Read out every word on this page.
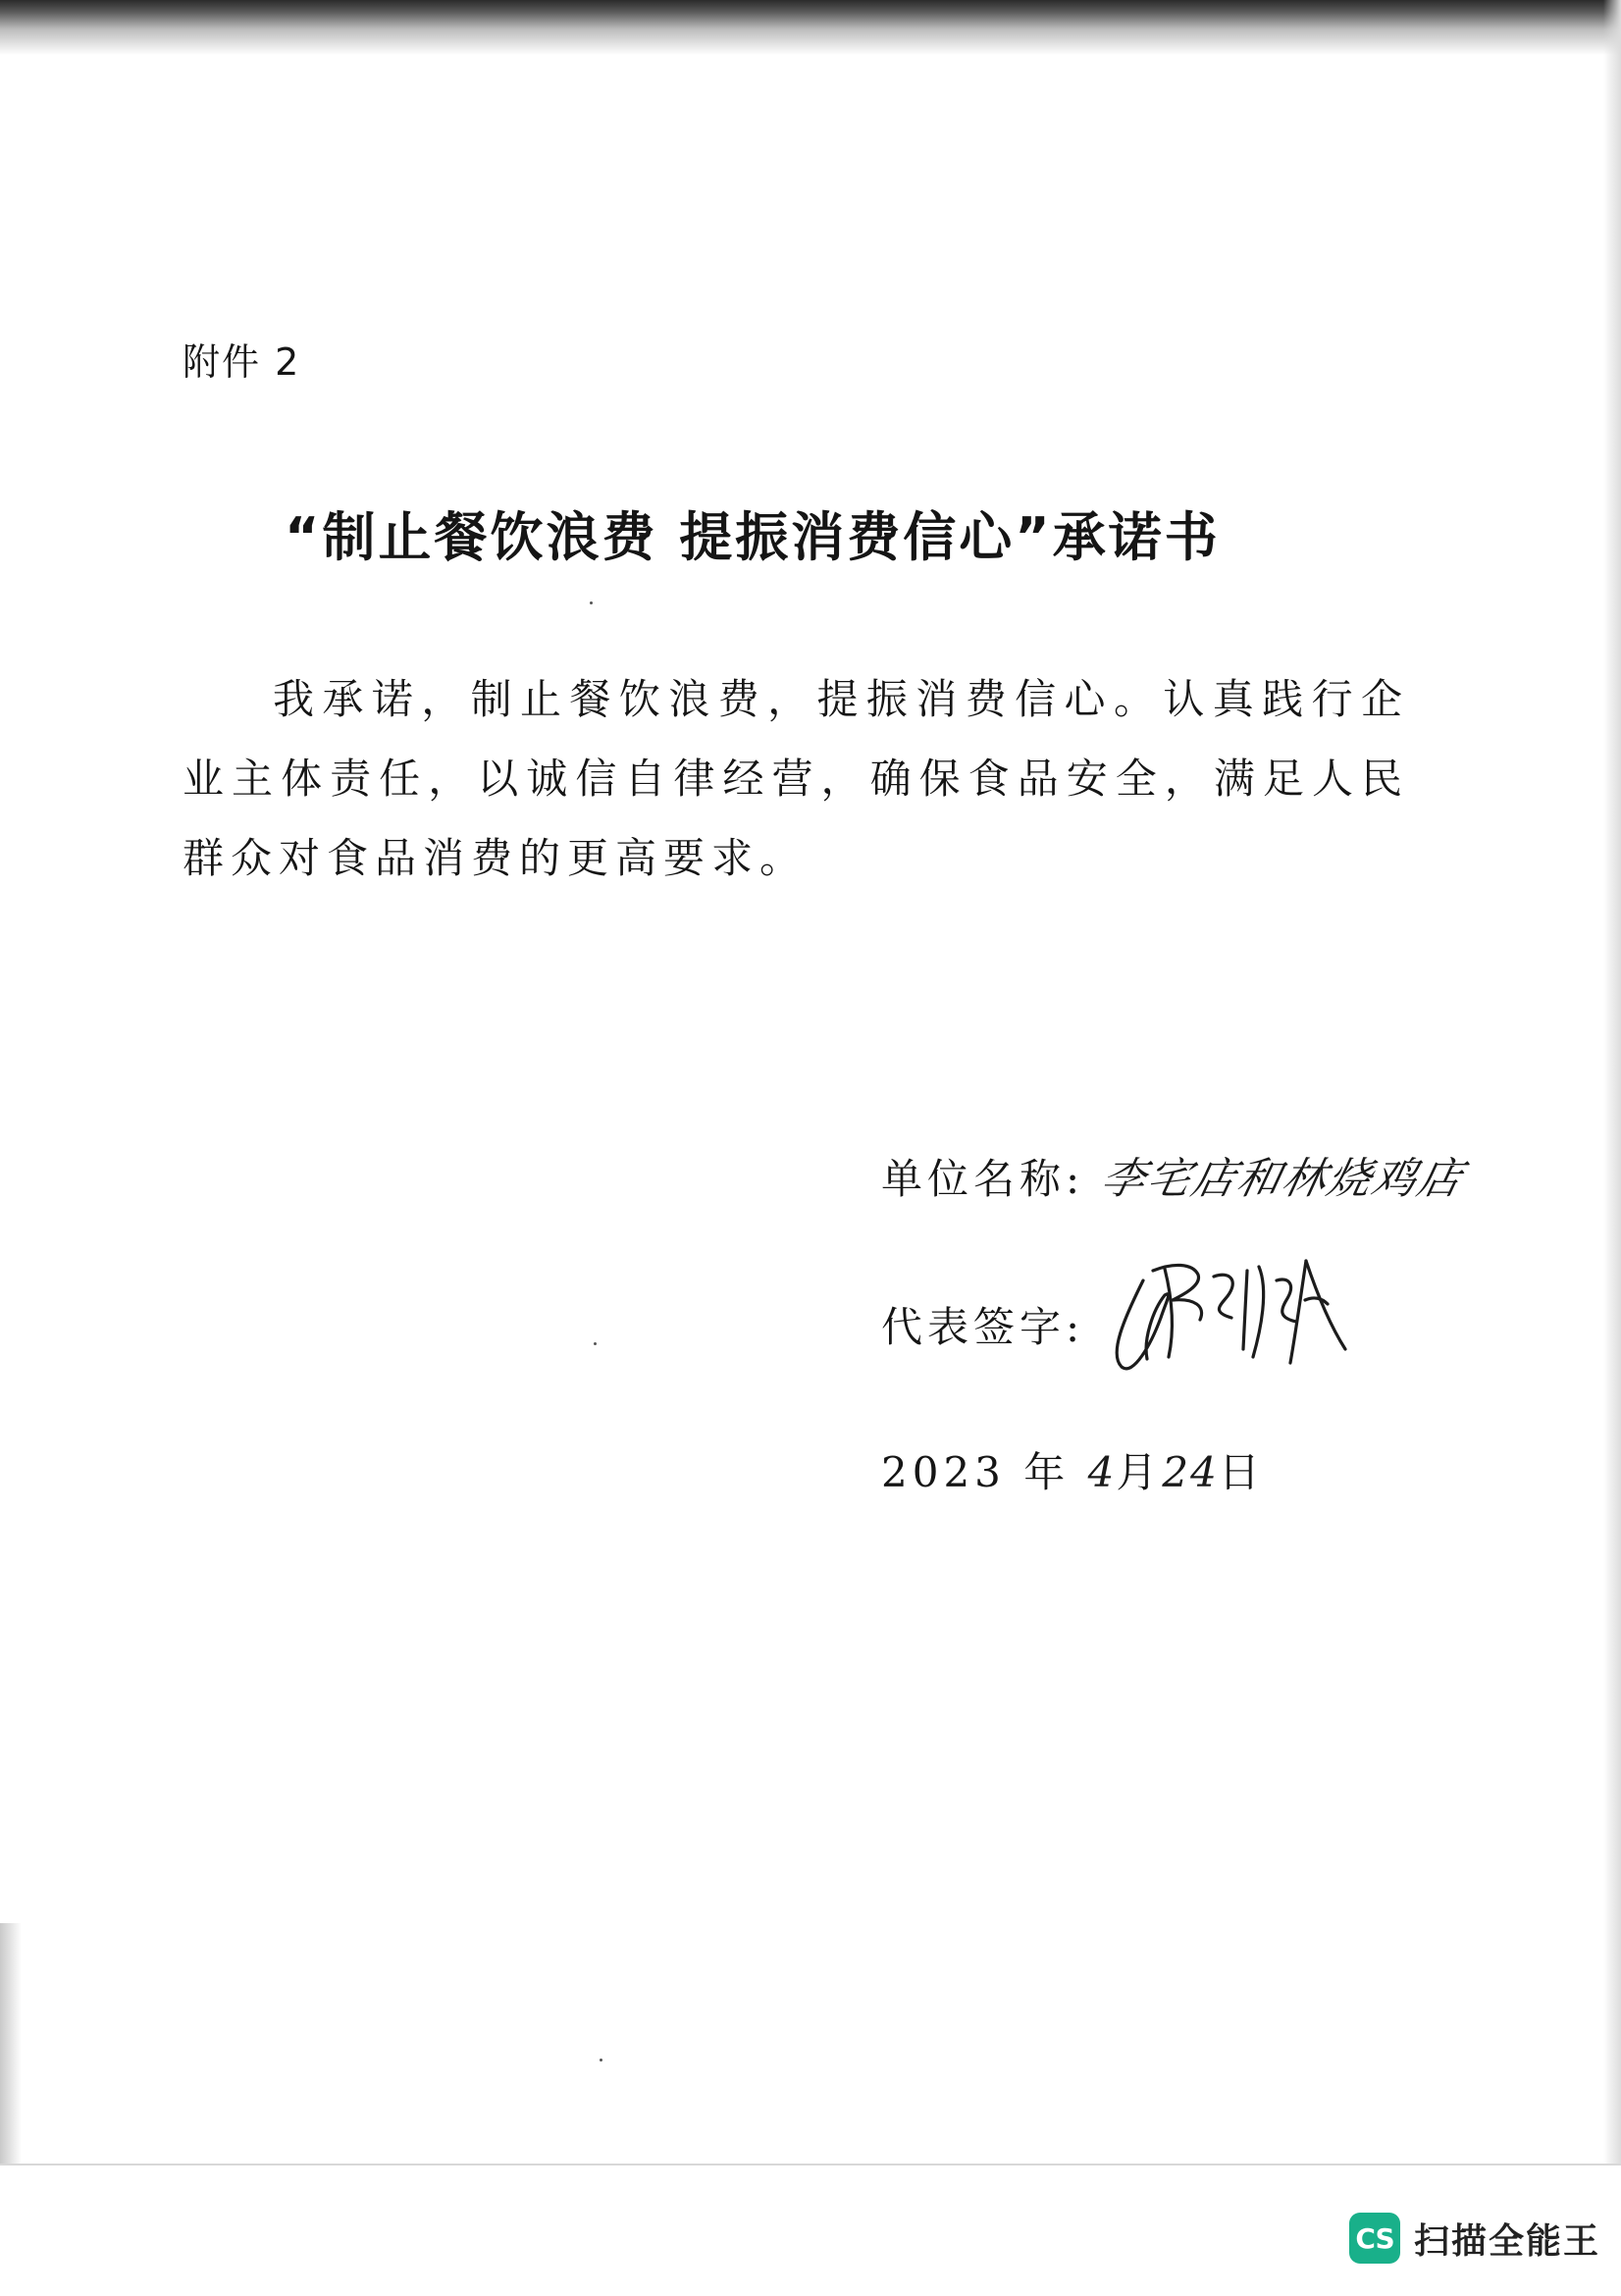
附件 2
“制止餐饮浪费 提振消费信心”承诺书
我承诺，制止餐饮浪费，提振消费信心。认真践行企业主体责任，以诚信自律经营，确保食品安全，满足人民群众对食品消费的更高要求。
单位名称: 李宅店和林烧鸡店
代表签字:
2023 年 4月24日
CS 扫描全能王
